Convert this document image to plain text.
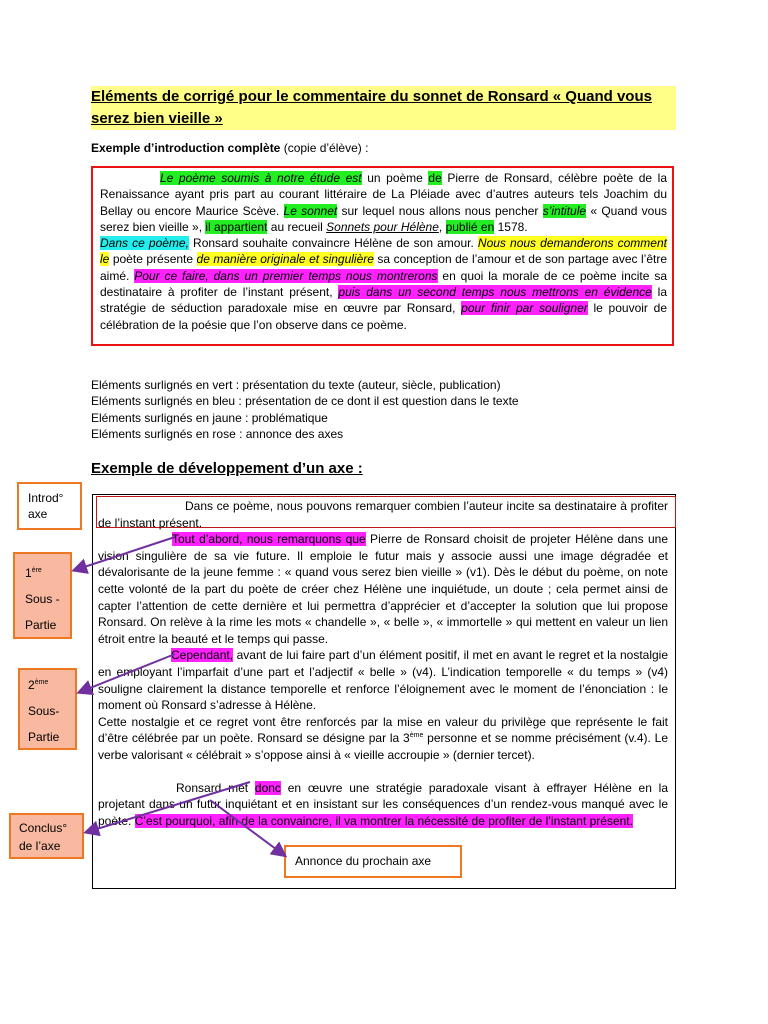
Eléments de corrigé pour le commentaire du sonnet de Ronsard « Quand vous serez bien vieille »
Exemple d’introduction complète (copie d’élève) :

Le poème soumis à notre étude est un poème de Pierre de Ronsard, célèbre poète de la Renaissance ayant pris part au courant littéraire de La Pléiade avec d’autres auteurs tels Joachim du Bellay ou encore Maurice Scève. Le sonnet sur lequel nous allons nous pencher s’intitule « Quand vous serez bien vieille », il appartient au recueil Sonnets pour Hélène, publié en 1578.

Dans ce poème, Ronsard souhaite convaincre Hélène de son amour. Nous nous demanderons comment le poète présente de manière originale et singulière sa conception de l’amour et de son partage avec l’être aimé. Pour ce faire, dans un premier temps nous montrerons en quoi la morale de ce poème incite sa destinataire à profiter de l’instant présent, puis dans un second temps nous mettrons en évidence la stratégie de séduction paradoxale mise en œuvre par Ronsard, pour finir par souligner le pouvoir de célébration de la poésie que l’on observe dans ce poème.

Eléments surlignés en vert : présentation du texte (auteur, siècle, publication)
Eléments surlignés en bleu : présentation de ce dont il est question dans le texte
Eléments surlignés en jaune : problématique
Eléments surlignés en rose : annonce des axes
Exemple de développement d’un axe :

Dans ce poème, nous pouvons remarquer combien l’auteur incite sa destinataire à profiter de l’instant présent.

Tout d’abord, nous remarquons que Pierre de Ronsard choisit de projeter Hélène dans une vision singulière de sa vie future. Il emploie le futur mais y associe aussi une image dégradée et dévalorisante de la jeune femme : « quand vous serez bien vieille » (v1). Dès le début du poème, on note cette volonté de la part du poète de créer chez Hélène une inquiétude, un doute ; cela permet ainsi de capter l’attention de cette dernière et lui permettra d’apprécier et d’accepter la solution que lui propose Ronsard. On relève à la rime les mots « chandelle », « belle », « immortelle » qui mettent en valeur un lien étroit entre la beauté et le temps qui passe.

Cependant, avant de lui faire part d’un élément positif, il met en avant le regret et la nostalgie en employant l’imparfait d’une part et l’adjectif « belle » (v4). L’indication temporelle « du temps » (v4) souligne clairement la distance temporelle et renforce l’éloignement avec le moment de l’énonciation : le moment où Ronsard s’adresse à Hélène.

Cette nostalgie et ce regret vont être renforcés par la mise en valeur du privilège que représente le fait d’être célébrée par un poète. Ronsard se désigne par la 3ème personne et se nomme précisément (v.4). Le verbe valorisant « célébrait » s’oppose ainsi à « vieille accroupie » (dernier tercet).

Ronsard met donc en œuvre une stratégie paradoxale visant à effrayer Hélène en la projetant dans un futur inquiétant et en insistant sur les conséquences d’un rendez-vous manqué avec le poète. C’est pourquoi, afin de la convaincre, il va montrer la nécessité de profiter de l’instant présent.

Introd° axe
1ère
Sous -
Partie
2ème
Sous-
Partie
Conclus° de l’axe
Annonce du prochain axe
